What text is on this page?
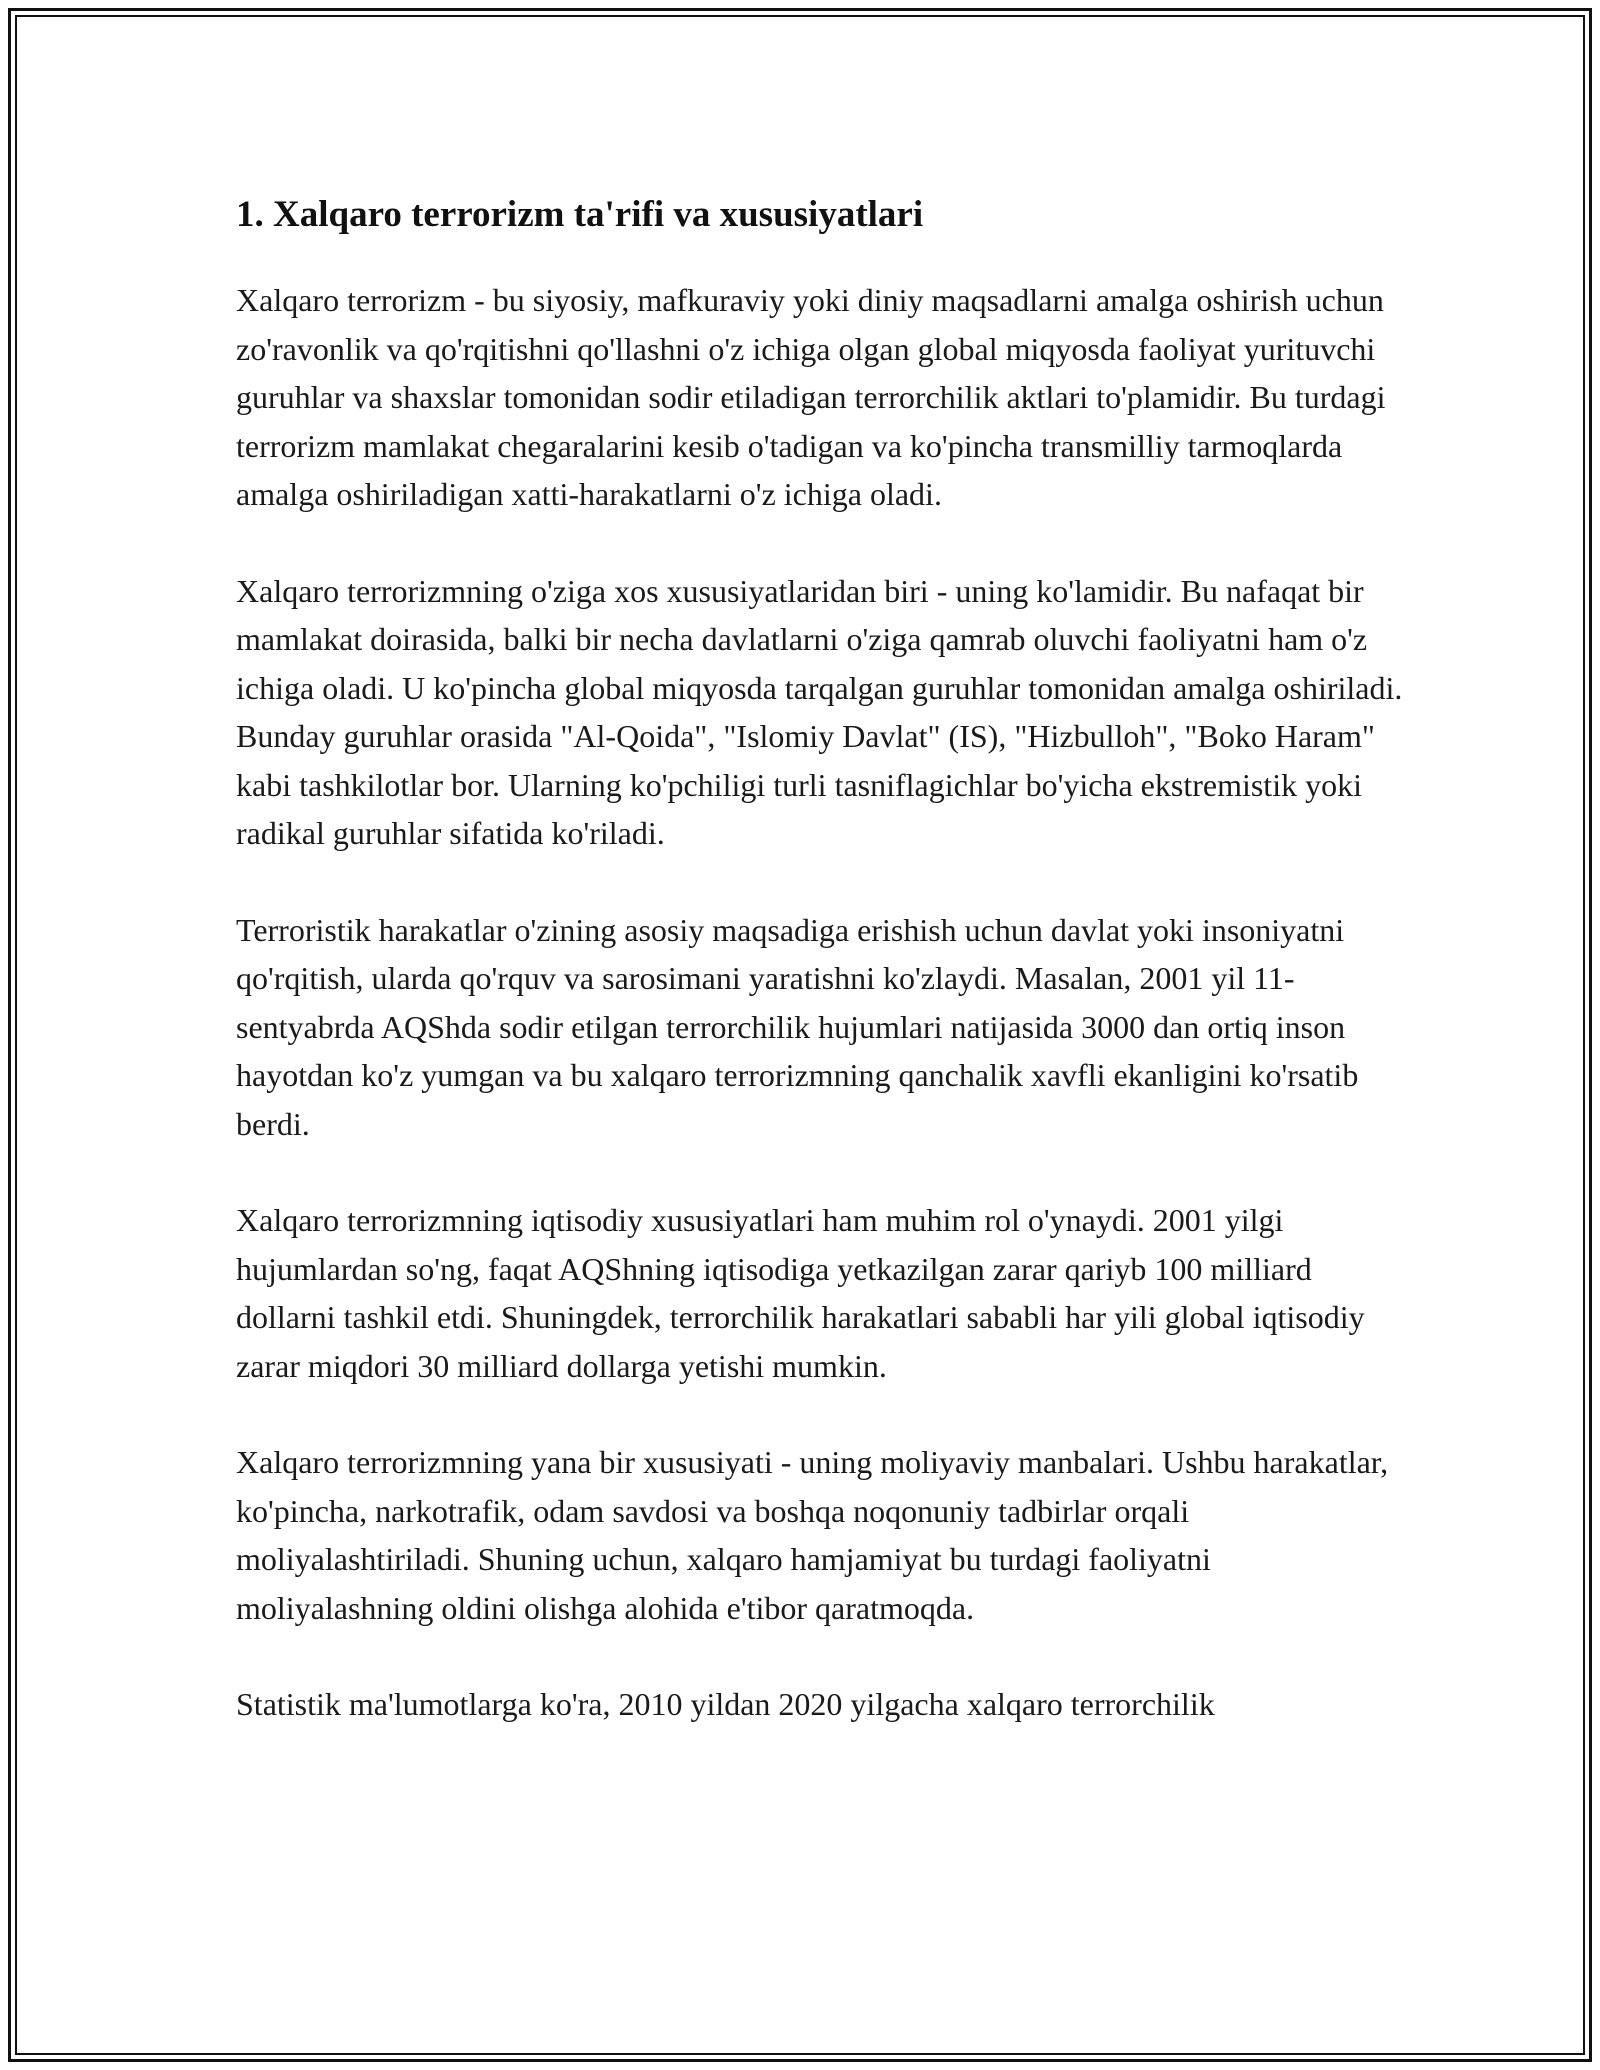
1. Xalqaro terrorizm ta'rifi va xususiyatlari

Xalqaro terrorizm - bu siyosiy, mafkuraviy yoki diniy maqsadlarni amalga oshirish uchun zo'ravonlik va qo'rqitishni qo'llashni o'z ichiga olgan global miqyosda faoliyat yurituvchi guruhlar va shaxslar tomonidan sodir etiladigan terrorchilik aktlari to'plamidir. Bu turdagi terrorizm mamlakat chegaralarini kesib o'tadigan va ko'pincha transmilliy tarmoqlarda amalga oshiriladigan xatti-harakatlarni o'z ichiga oladi.

Xalqaro terrorizmning o'ziga xos xususiyatlaridan biri - uning ko'lamidir. Bu nafaqat bir mamlakat doirasida, balki bir necha davlatlarni o'ziga qamrab oluvchi faoliyatni ham o'z ichiga oladi. U ko'pincha global miqyosda tarqalgan guruhlar tomonidan amalga oshiriladi. Bunday guruhlar orasida "Al-Qoida", "Islomiy Davlat" (IS), "Hizbulloh", "Boko Haram" kabi tashkilotlar bor. Ularning ko'pchiligi turli tasniflagichlar bo'yicha ekstremistik yoki radikal guruhlar sifatida ko'riladi.

Terroristik harakatlar o'zining asosiy maqsadiga erishish uchun davlat yoki insoniyatni qo'rqitish, ularda qo'rquv va sarosimani yaratishni ko'zlaydi. Masalan, 2001 yil 11-sentyabrda AQShda sodir etilgan terrorchilik hujumlari natijasida 3000 dan ortiq inson hayotdan ko'z yumgan va bu xalqaro terrorizmning qanchalik xavfli ekanligini ko'rsatib berdi.

Xalqaro terrorizmning iqtisodiy xususiyatlari ham muhim rol o'ynaydi. 2001 yilgi hujumlardan so'ng, faqat AQShning iqtisodiga yetkazilgan zarar qariyb 100 milliard dollarni tashkil etdi. Shuningdek, terrorchilik harakatlari sababli har yili global iqtisodiy zarar miqdori 30 milliard dollarga yetishi mumkin.

Xalqaro terrorizmning yana bir xususiyati - uning moliyaviy manbalari. Ushbu harakatlar, ko'pincha, narkotrafik, odam savdosi va boshqa noqonuniy tadbirlar orqali moliyalashtiriladi. Shuning uchun, xalqaro hamjamiyat bu turdagi faoliyatni moliyalashning oldini olishga alohida e'tibor qaratmoqda.

Statistik ma'lumotlarga ko'ra, 2010 yildan 2020 yilgacha xalqaro terrorchilik
